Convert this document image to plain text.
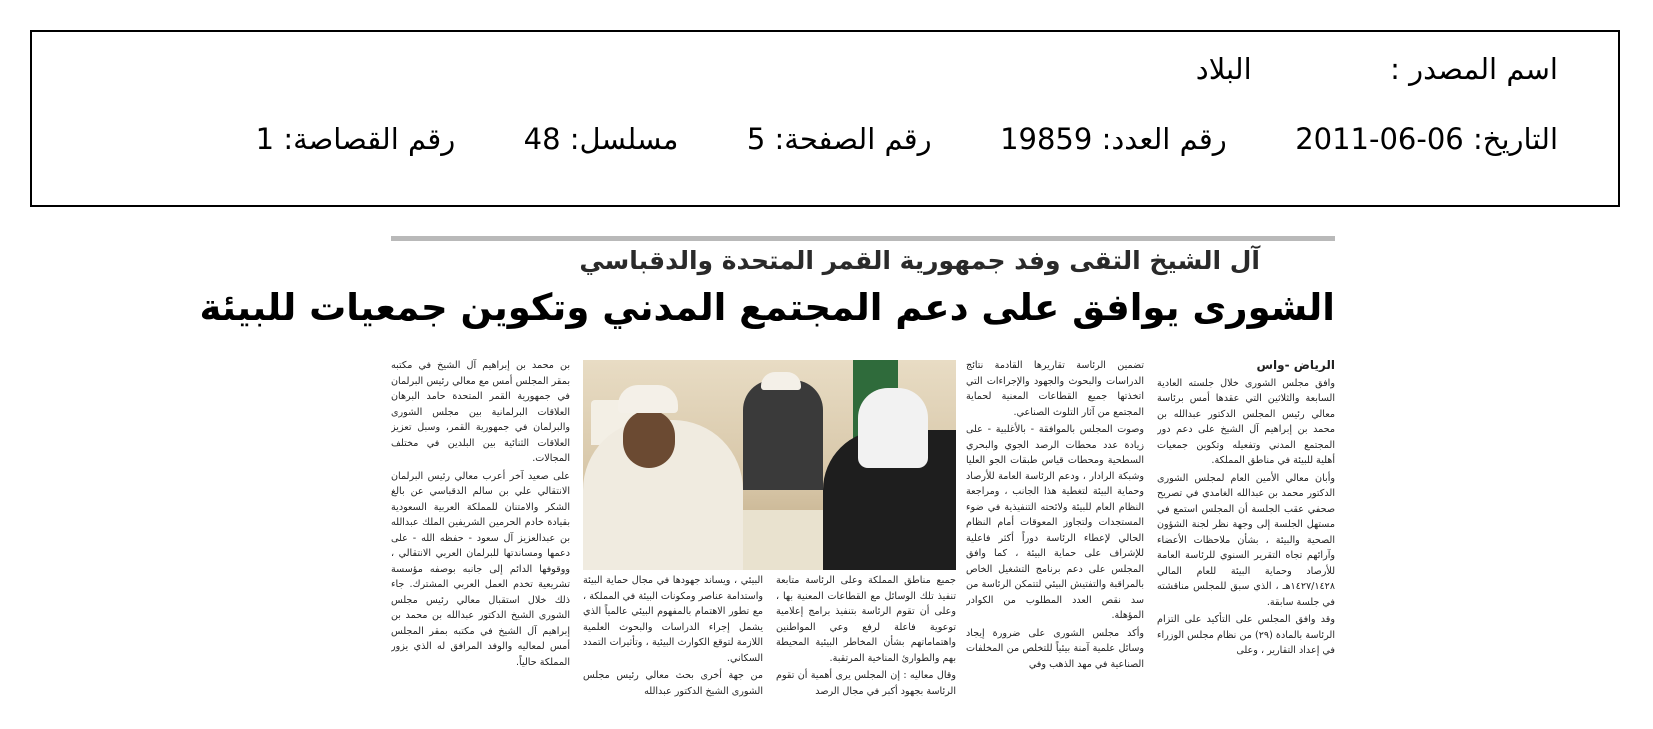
اسم المصدر :  البلاد
التاريخ: 2011-06-06  رقم العدد: 19859  رقم الصفحة: 5  مسلسل: 48  رقم القصاصة: 1
آل الشيخ التقى وفد جمهورية القمر المتحدة والدقباسي
الشورى يوافق على دعم المجتمع المدني وتكوين جمعيات للبيئة

الرياض -واس

وافق مجلس الشورى خلال جلسته العادية السابعة والثلاثين التي عقدها أمس برئاسة معالي رئيس المجلس الدكتور عبدالله بن محمد بن إبراهيم آل الشيخ على دعم دور المجتمع المدني وتفعيله وتكوين جمعيات أهلية للبيئة في مناطق المملكة.

وأبان معالي الأمين العام لمجلس الشورى الدكتور محمد بن عبدالله الغامدي في تصريح صحفي عقب الجلسة أن المجلس استمع في مستهل الجلسة إلى وجهة نظر لجنة الشؤون الصحية والبيئة ، بشأن ملاحظات الأعضاء وآرائهم تجاه التقرير السنوي للرئاسة العامة للأرصاد وحماية البيئة للعام المالي ١٤٢٧/١٤٢٨هـ ، الذي سبق للمجلس مناقشته في جلسة سابقة.

وقد وافق المجلس على التأكيد على التزام الرئاسة بالمادة (٢٩) من نظام مجلس الوزراء في إعداد التقارير ، وعلى

تضمين الرئاسة تقاريرها القادمة نتائج الدراسات والبحوث والجهود والإجراءات التي اتخذتها جميع القطاعات المعنية لحماية المجتمع من آثار التلوث الصناعي.

وصوت المجلس بالموافقة - بالأغلبية - على زيادة عدد محطات الرصد الجوي والبحري السطحية ومحطات قياس طبقات الجو العليا وشبكة الرادار ، ودعم الرئاسة العامة للأرصاد وحماية البيئة لتغطية هذا الجانب ، ومراجعة النظام العام للبيئة ولائحته التنفيذية في ضوء المستجدات ولتجاوز المعوقات أمام النظام الحالي لإعطاء الرئاسة دوراً أكثر فاعلية للإشراف على حماية البيئة ، كما وافق المجلس على دعم برنامج التشغيل الخاص بالمراقبة والتفتيش البيئي لتتمكن الرئاسة من سد نقص العدد المطلوب من الكوادر المؤهلة.

وأكد مجلس الشورى على ضرورة إيجاد وسائل علمية آمنة بيئياً للتخلص من المخلفات الصناعية في مهد الذهب وفي

جميع مناطق المملكة وعلى الرئاسة متابعة تنفيذ تلك الوسائل مع القطاعات المعنية بها ، وعلى أن تقوم الرئاسة بتنفيذ برامج إعلامية توعوية فاعلة لرفع وعي المواطنين واهتماماتهم بشأن المخاطر البيئية المحيطة بهم والطوارئ المناخية المرتقبة.

وقال معاليه : إن المجلس يرى أهمية أن تقوم الرئاسة بجهود أكبر في مجال الرصد

البيئي ، ويساند جهودها في مجال حماية البيئة واستدامة عناصر ومكونات البيئة في المملكة ، مع تطور الاهتمام بالمفهوم البيئي عالمياً الذي يشمل إجراء الدراسات والبحوث العلمية اللازمة لتوقع الكوارث البيئية ، وتأثيرات التمدد السكاني.

من جهة أخرى بحث معالي رئيس مجلس الشورى الشيخ الدكتور عبدالله

بن محمد بن إبراهيم آل الشيخ في مكتبه بمقر المجلس أمس مع معالي رئيس البرلمان في جمهورية القمر المتحدة حامد البرهان العلاقات البرلمانية بين مجلس الشورى والبرلمان في جمهورية القمر، وسبل تعزيز العلاقات الثنائية بين البلدين في مختلف المجالات.

على صعيد آخر أعرب معالي رئيس البرلمان الانتقالي علي بن سالم الدقباسي عن بالغ الشكر والامتنان للمملكة العربية السعودية بقيادة خادم الحرمين الشريفين الملك عبدالله بن عبدالعزيز آل سعود - حفظه الله - على دعمها ومساندتها للبرلمان العربي الانتقالي ، ووقوفها الدائم إلى جانبه بوصفه مؤسسة تشريعية تخدم العمل العربي المشترك. جاء ذلك خلال استقبال معالي رئيس مجلس الشورى الشيخ الدكتور عبدالله بن محمد بن إبراهيم آل الشيخ في مكتبه بمقر المجلس أمس لمعاليه والوفد المرافق له الذي يزور المملكة حالياً.
